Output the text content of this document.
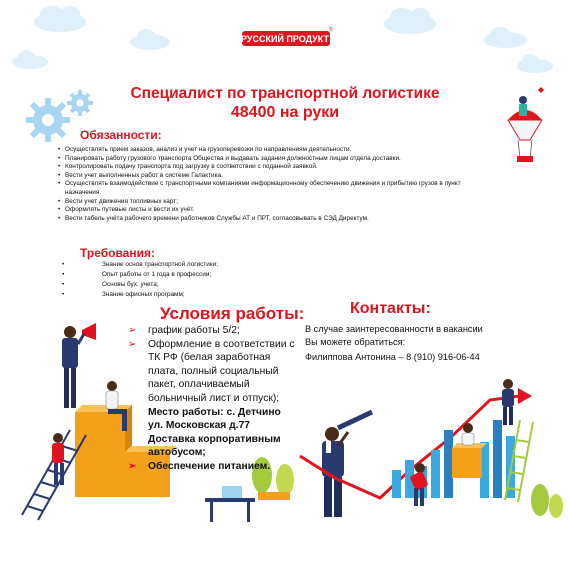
РУССКИЙ ПРОДУКТ
®
Специалист по транспортной логистике
48400 на руки
Обязанности:
• Осуществлять прием заказов, анализ и учет на грузоперевозки по направлениям деятельности.
• Планировать работу грузового транспорта Общества и выдавать задания должностным лицам отдела доставки.
• Контролировать подачу транспорта под загрузку в соответствии с поданной заявкой.
• Вести учет выполненных работ в системе Галактика.
• Осуществлять взаимодействие с транспортными компаниями информационному обеспечению движения и прибытию грузов в пункт назначения.
• Вести учет движения топливных карт;
• Оформлять путевые листы и вести их учёт.
• Вести табель учёта рабочего времени работников Службы АТ и ПРТ, согласовывать в СЭД Директум.
Требования:
• Знание основ транспортной логистики;
• Опыт работы от 1 года в профессии;
• Основы бух. учета;
• Знание офисных программ;
Условия работы:
➢ график работы 5/2;
➢ Оформление в соответствии с ТК РФ (белая заработная плата, полный социальный пакет, оплачиваемый больничный лист и отпуск);
Место работы: с. Детчино ул. Московская д.77
Доставка корпоративным автобусом;
➢ Обеспечение питанием.
Контакты:
В случае заинтересованности в вакансии
Вы можете обратиться:
Филиппова Антонина – 8 (910) 916-06-44
